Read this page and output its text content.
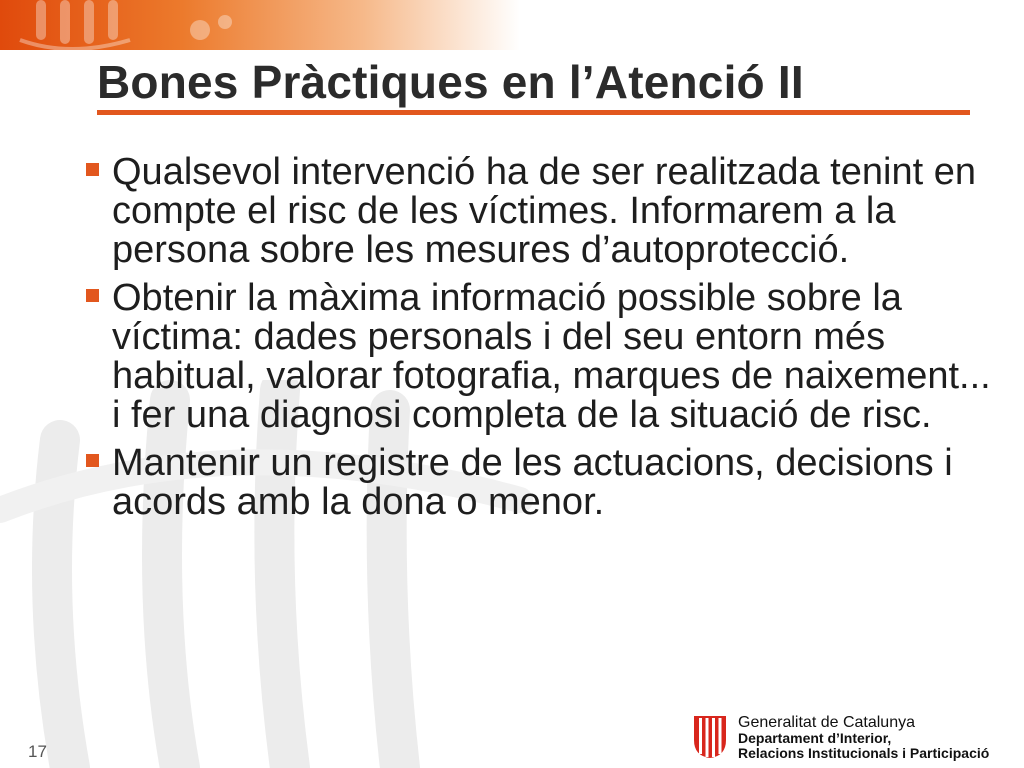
Bones Pràctiques en l’Atenció II
Qualsevol intervenció ha de ser realitzada tenint en compte el risc de les víctimes. Informarem a la persona sobre les mesures d’autoprotecció.
Obtenir la màxima informació possible sobre la víctima: dades personals i del seu entorn més habitual, valorar fotografia, marques de naixement... i fer una diagnosi completa de la situació de risc.
Mantenir un registre de les actuacions, decisions i acords amb la dona o menor.
17
Generalitat de Catalunya
Departament d’Interior,
Relacions Institucionals i Participació
